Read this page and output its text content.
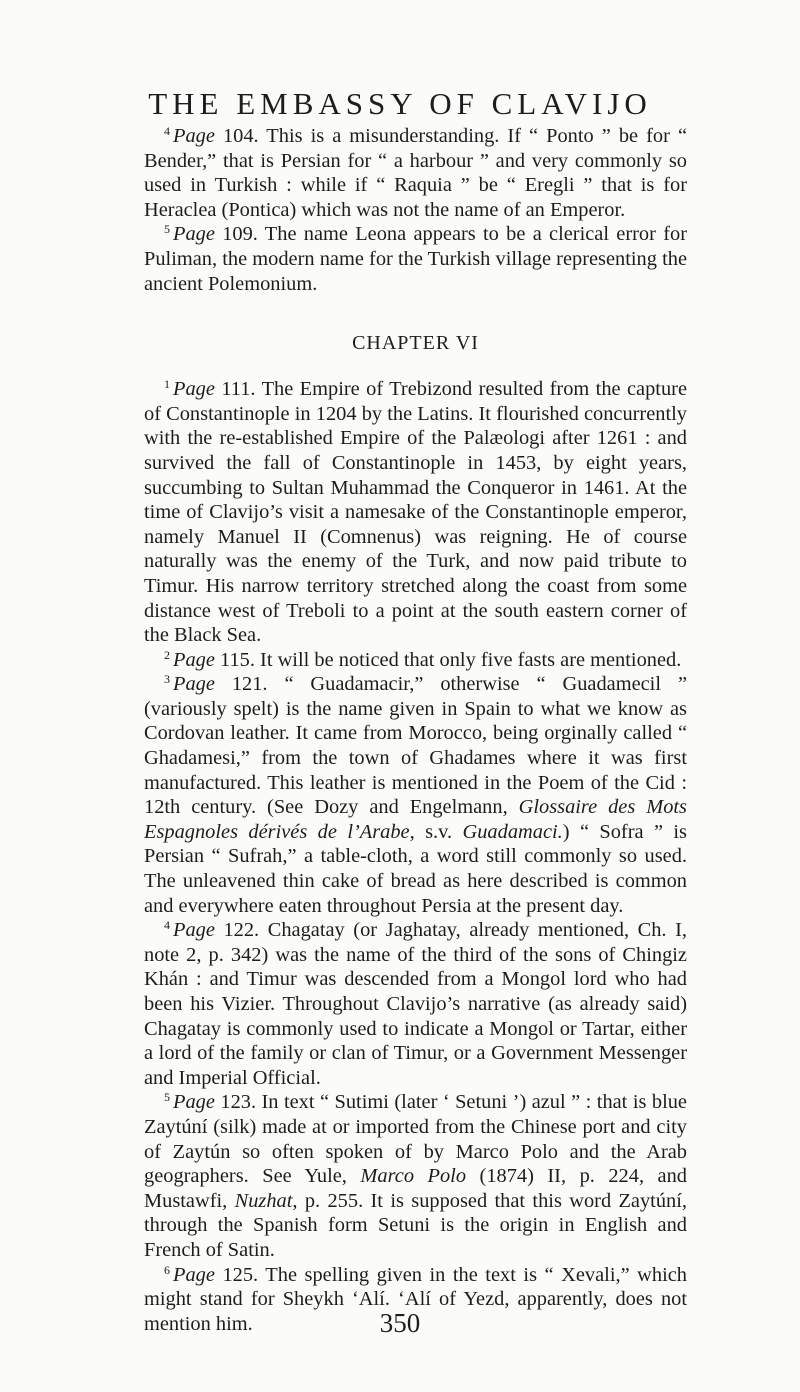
THE EMBASSY OF CLAVIJO

$^4$ Page 104. This is a misunderstanding. If “ Ponto ” be for “ Bender,” that is Persian for “ a harbour ” and very commonly so used in Turkish : while if “ Raquia ” be “ Eregli ” that is for Heraclea (Pontica) which was not the name of an Emperor.

$^5$ Page 109. The name Leona appears to be a clerical error for Puliman, the modern name for the Turkish village representing the ancient Polemonium.

CHAPTER VI

$^1$ Page 111. The Empire of Trebizond resulted from the capture of Constantinople in 1204 by the Latins. It flourished concurrently with the re-established Empire of the Palæologi after 1261 : and survived the fall of Constantinople in 1453, by eight years, succumbing to Sultan Muhammad the Conqueror in 1461. At the time of Clavijo’s visit a namesake of the Constantinople emperor, namely Manuel II (Comnenus) was reigning. He of course naturally was the enemy of the Turk, and now paid tribute to Timur. His narrow territory stretched along the coast from some distance west of Treboli to a point at the south eastern corner of the Black Sea.

$^2$ Page 115. It will be noticed that only five fasts are mentioned.

$^3$ Page 121. “ Guadamacir,” otherwise “ Guadamecil ” (variously spelt) is the name given in Spain to what we know as Cordovan leather. It came from Morocco, being orginally called “ Ghadamesi,” from the town of Ghadames where it was first manufactured. This leather is mentioned in the Poem of the Cid : 12th century. (See Dozy and Engelmann, Glossaire des Mots Espagnoles dérivés de l’Arabe, s.v. Guadamaci.) “ Sofra ” is Persian “ Sufrah,” a table-cloth, a word still commonly so used. The unleavened thin cake of bread as here described is common and everywhere eaten throughout Persia at the present day.

$^4$ Page 122. Chagatay (or Jaghatay, already mentioned, Ch. I, note 2, p. 342) was the name of the third of the sons of Chingiz Khán : and Timur was descended from a Mongol lord who had been his Vizier. Throughout Clavijo’s narrative (as already said) Chagatay is commonly used to indicate a Mongol or Tartar, either a lord of the family or clan of Timur, or a Government Messenger and Imperial Official.

$^5$ Page 123. In text “ Sutimi (later ‘ Setuni ’) azul ” : that is blue Zaytúní (silk) made at or imported from the Chinese port and city of Zaytún so often spoken of by Marco Polo and the Arab geographers. See Yule, Marco Polo (1874) II, p. 224, and Mustawfi, Nuzhat, p. 255. It is supposed that this word Zaytúní, through the Spanish form Setuni is the origin in English and French of Satin.

$^6$ Page 125. The spelling given in the text is “ Xevali,” which might stand for Sheykh ‘Alí. ‘Alí of Yezd, apparently, does not mention him.	350
